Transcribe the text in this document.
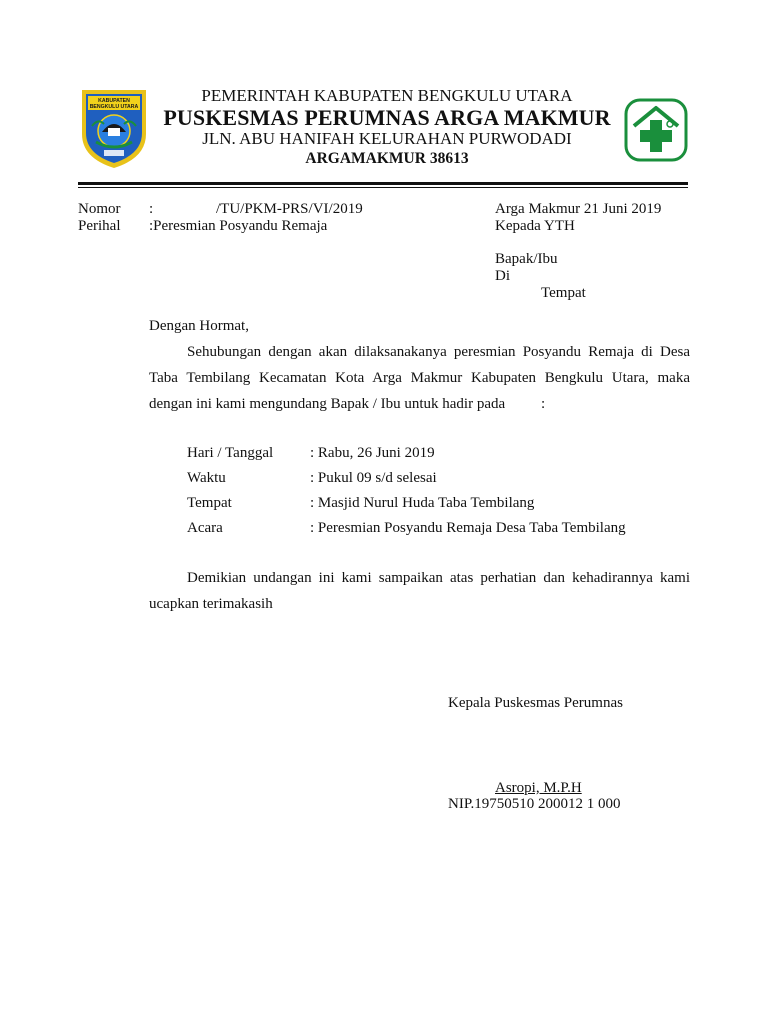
KABUPATEN
BENGKULU UTARA
PEMERINTAH KABUPATEN BENGKULU UTARA
PUSKESMAS PERUMNAS ARGA MAKMUR
JLN. ABU HANIFAH KELURAHAN PURWODADI
ARGAMAKMUR 38613
Nomor :	/TU/PKM-PRS/VI/2019
Perihal :Peresmian Posyandu Remaja
Arga Makmur 21 Juni 2019
Kepada YTH
Bapak/Ibu
Di
Tempat
Dengan Hormat,
Sehubungan dengan akan dilaksanakanya peresmian Posyandu Remaja di Desa
Taba Tembilang Kecamatan Kota Arga Makmur Kabupaten Bengkulu Utara, maka
dengan ini kami mengundang Bapak / Ibu untuk hadir pada :
Hari / Tanggal : Rabu, 26 Juni 2019
Waktu	: Pukul 09 s/d selesai
Tempat	: Masjid Nurul Huda Taba Tembilang
Acara	: Peresmian Posyandu Remaja Desa Taba Tembilang
Demikian undangan ini kami sampaikan atas perhatian dan kehadirannya kami
ucapkan terimakasih
Kepala Puskesmas Perumnas
Asropi, M.P.H
NIP.19750510 200012 1 000
